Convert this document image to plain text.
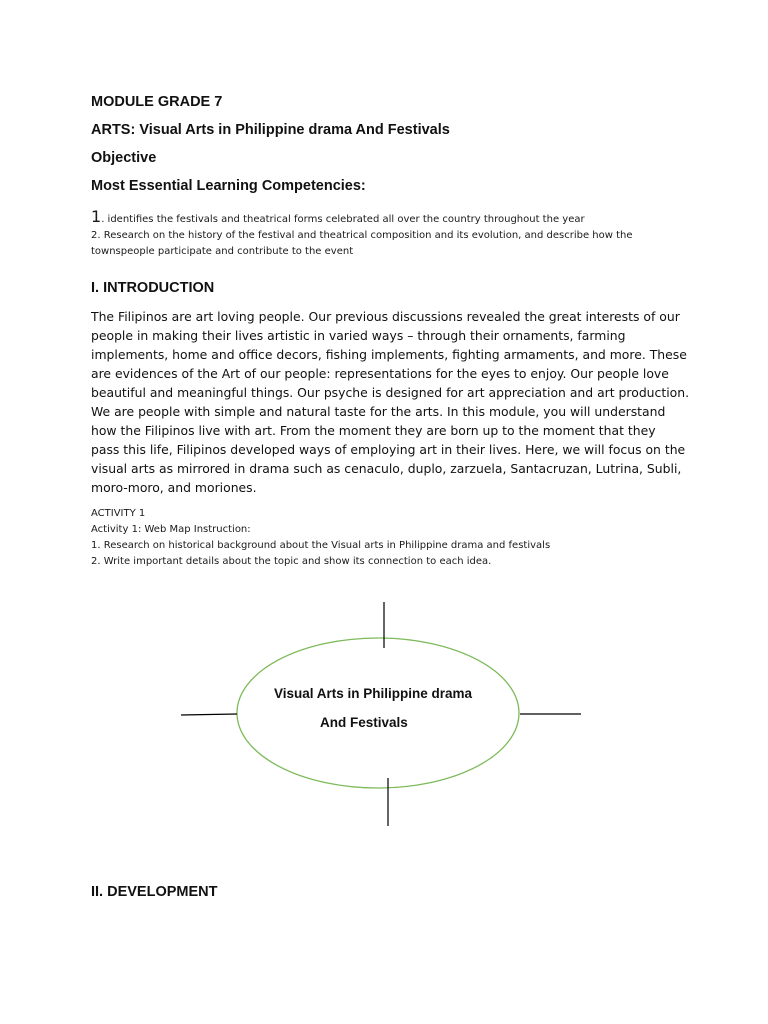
MODULE GRADE 7

ARTS: Visual Arts in Philippine drama And Festivals

Objective

Most Essential Learning Competencies:

1. identifies the festivals and theatrical forms celebrated all over the country throughout the year

2. Research on the history of the festival and theatrical composition and its evolution, and describe how the

townspeople participate and contribute to the event

I. INTRODUCTION

The Filipinos are art loving people. Our previous discussions revealed the great interests of our
people in making their lives artistic in varied ways – through their ornaments, farming
implements, home and office decors, fishing implements, fighting armaments, and more. These
are evidences of the Art of our people: representations for the eyes to enjoy. Our people love
beautiful and meaningful things. Our psyche is designed for art appreciation and art production.
We are people with simple and natural taste for the arts. In this module, you will understand
how the Filipinos live with art. From the moment they are born up to the moment that they
pass this life, Filipinos developed ways of employing art in their lives. Here, we will focus on the
visual arts as mirrored in drama such as cenaculo, duplo, zarzuela, Santacruzan, Lutrina, Subli,
moro-moro, and moriones.

ACTIVITY 1

Activity 1: Web Map Instruction:

1. Research on historical background about the Visual arts in Philippine drama and festivals

2. Write important details about the topic and show its connection to each idea.

Visual Arts in Philippine drama

And Festivals

II. DEVELOPMENT
